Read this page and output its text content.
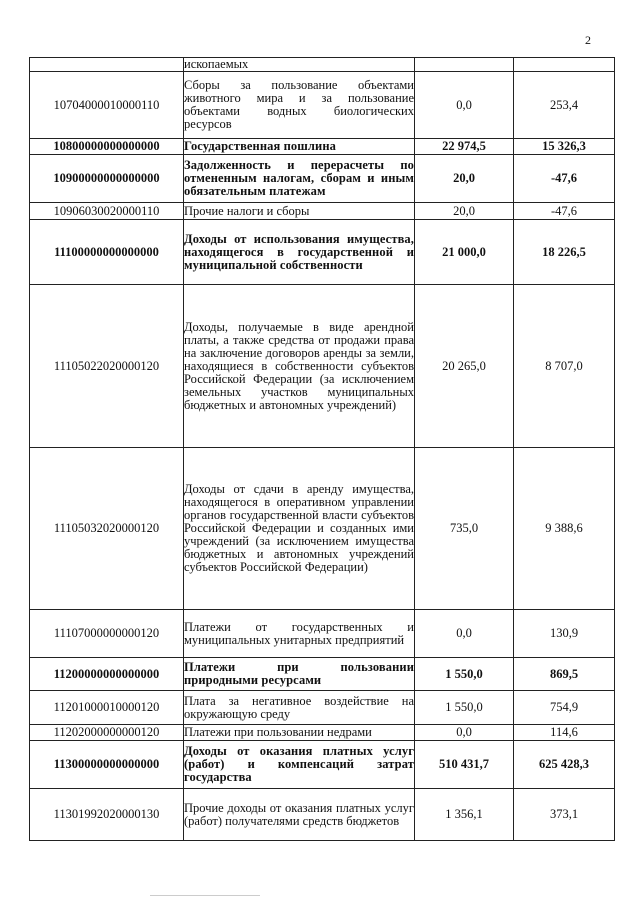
2
	ископаемых		
10704000010000110	Сборы за пользование объектами животного мира и за пользование объектами водных биологических ресурсов	0,0	253,4
10800000000000000	Государственная пошлина	22 974,5	15 326,3
10900000000000000	Задолженность и перерасчеты по отмененным налогам, сборам и иным обязательным платежам	20,0	-47,6
10906030020000110	Прочие налоги и сборы	20,0	-47,6
11100000000000000	Доходы от использования имущества, находящегося в государственной и муниципальной собственности	21 000,0	18 226,5
11105022020000120	Доходы, получаемые в виде арендной платы, а также средства от продажи права на заключение договоров аренды за земли, находящиеся в собственности субъектов Российской Федерации (за исключением земельных участков муниципальных бюджетных и автономных учреждений)	20 265,0	8 707,0
11105032020000120	Доходы от сдачи в аренду имущества, находящегося в оперативном управлении органов государственной власти субъектов Российской Федерации и созданных ими учреждений (за исключением имущества бюджетных и автономных учреждений субъектов Российской Федерации)	735,0	9 388,6
11107000000000120	Платежи от государственных и муниципальных унитарных предприятий	0,0	130,9
11200000000000000	Платежи при пользовании природными ресурсами	1 550,0	869,5
11201000010000120	Плата за негативное воздействие на окружающую среду	1 550,0	754,9
11202000000000120	Платежи при пользовании недрами	0,0	114,6
11300000000000000	Доходы от оказания платных услуг (работ) и компенсаций затрат государства	510 431,7	625 428,3
11301992020000130	Прочие доходы от оказания платных услуг (работ) получателями средств бюджетов	1 356,1	373,1
